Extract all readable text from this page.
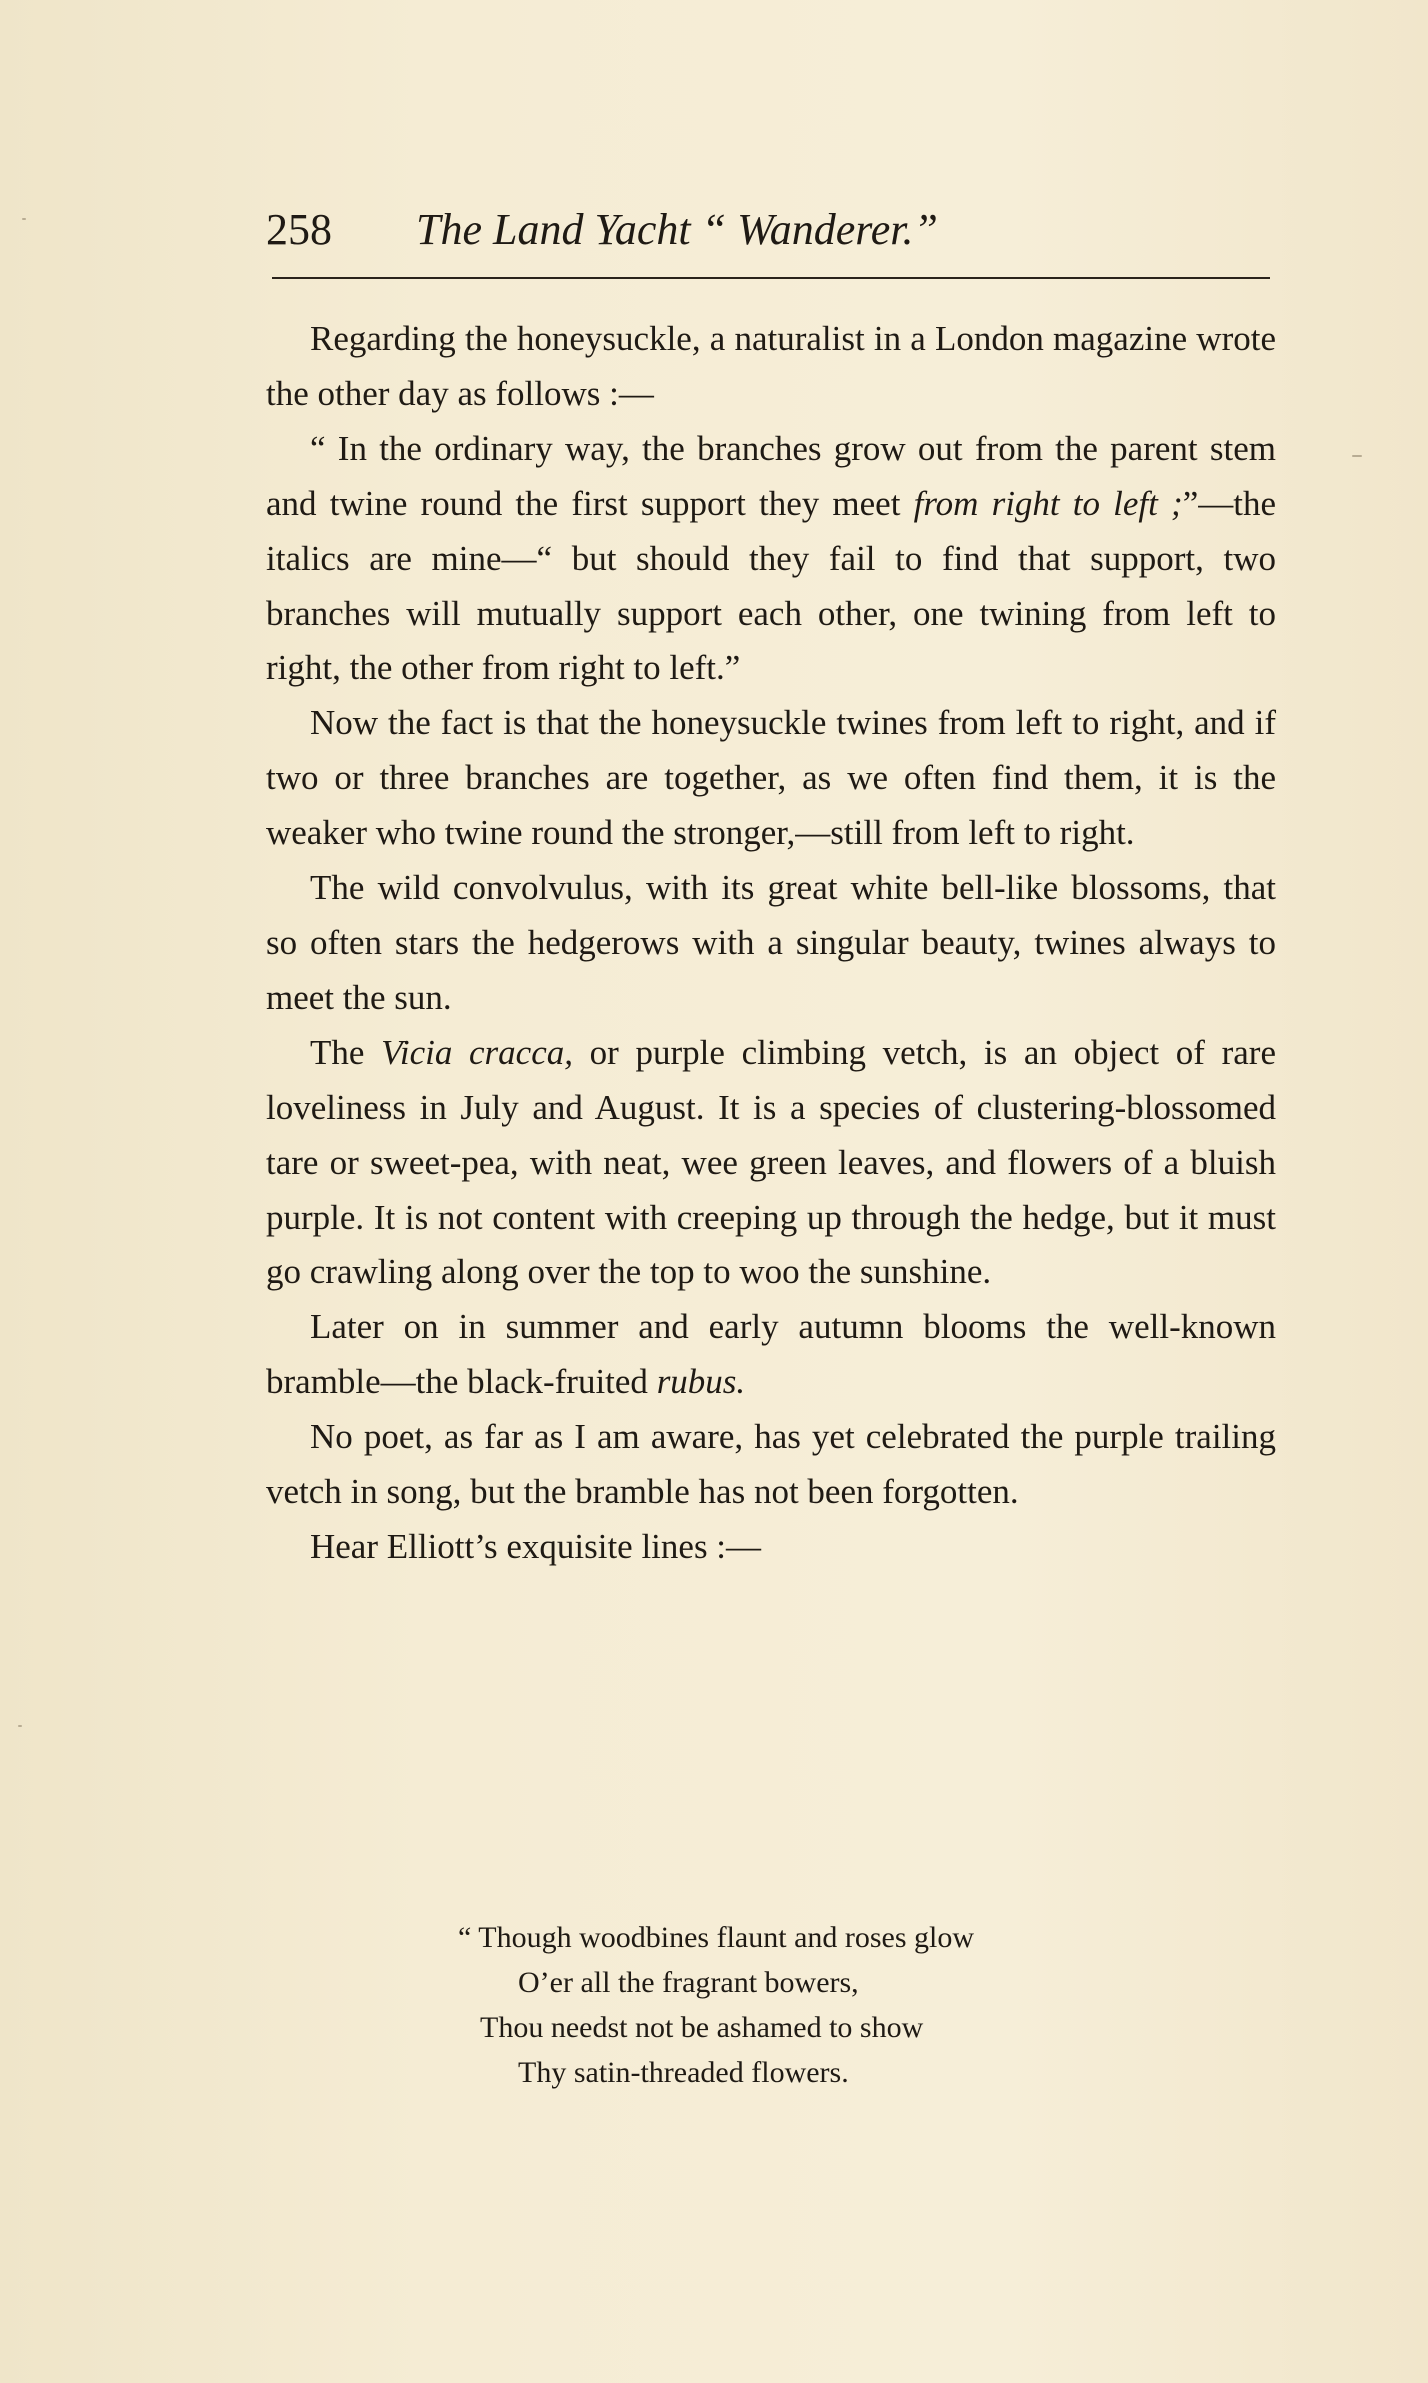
258 The Land Yacht “ Wanderer.”

Regarding the honeysuckle, a naturalist in a London magazine wrote the other day as follows :—

“ In the ordinary way, the branches grow out from the parent stem and twine round the first support they meet from right to left ;”—the italics are mine—“ but should they fail to find that support, two branches will mutually support each other, one twining from left to right, the other from right to left.”

Now the fact is that the honeysuckle twines from left to right, and if two or three branches are together, as we often find them, it is the weaker who twine round the stronger,—still from left to right.

The wild convolvulus, with its great white bell-like blossoms, that so often stars the hedgerows with a singular beauty, twines always to meet the sun.

The Vicia cracca, or purple climbing vetch, is an object of rare loveliness in July and August. It is a species of clustering-blossomed tare or sweet-pea, with neat, wee green leaves, and flowers of a bluish purple. It is not content with creeping up through the hedge, but it must go crawling along over the top to woo the sunshine.

Later on in summer and early autumn blooms the well-known bramble—the black-fruited rubus.

No poet, as far as I am aware, has yet celebrated the purple trailing vetch in song, but the bramble has not been forgotten.

Hear Elliott’s exquisite lines :—

“ Though woodbines flaunt and roses glow
O’er all the fragrant bowers,
Thou needst not be ashamed to show
Thy satin-threaded flowers.
